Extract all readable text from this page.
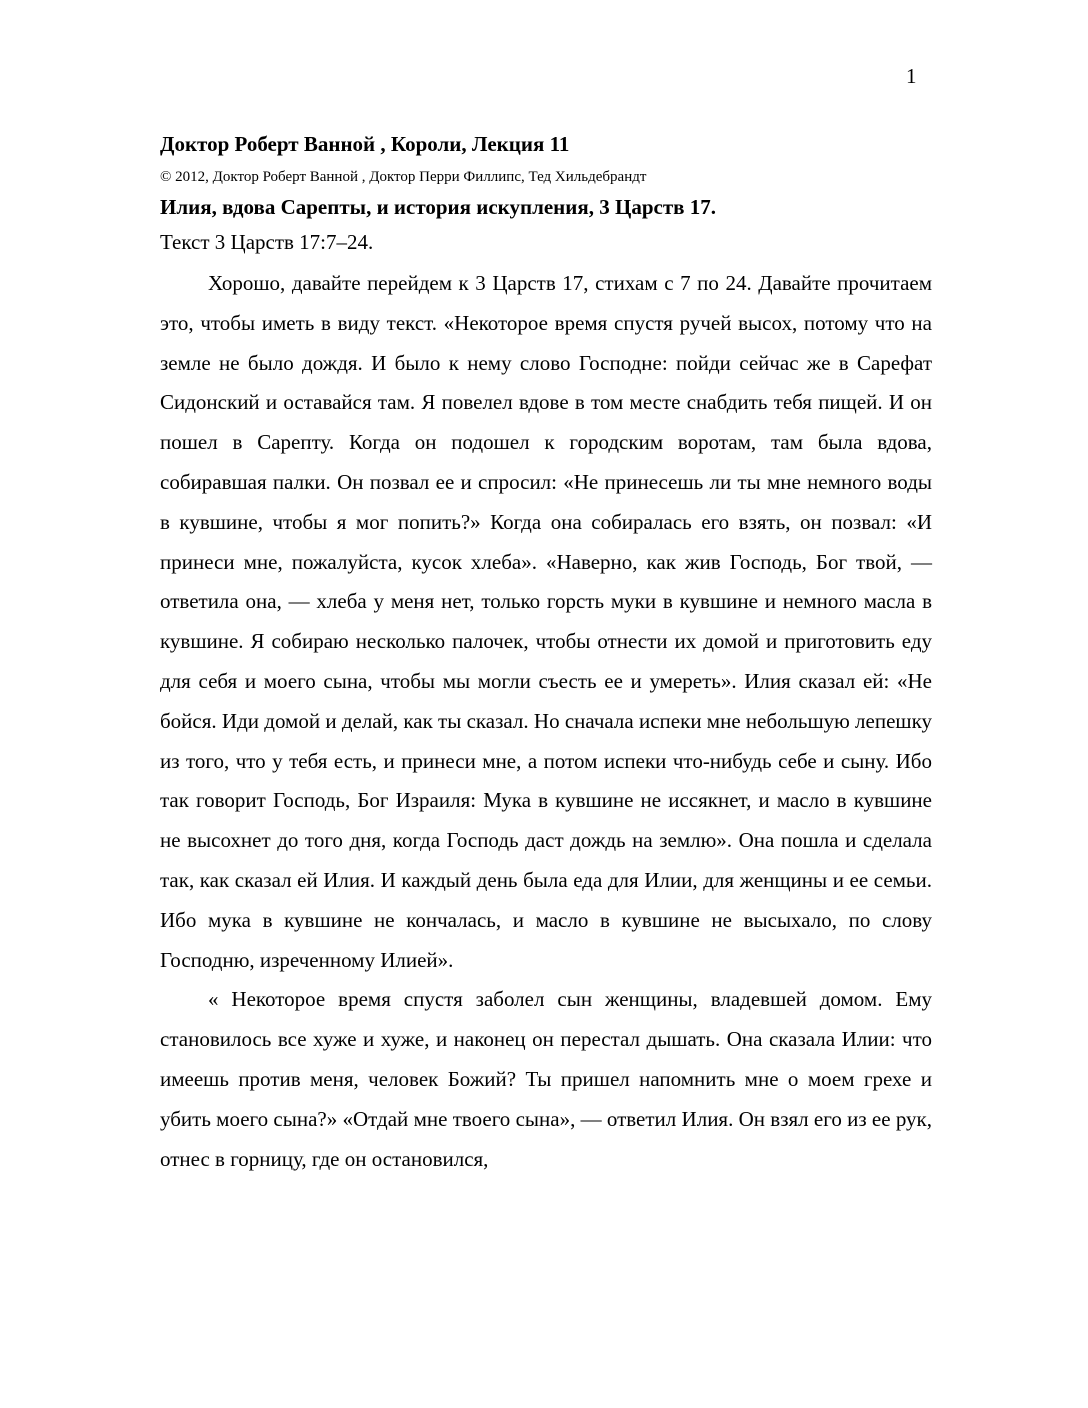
1
Доктор Роберт Ванной , Короли, Лекция 11

© 2012, Доктор Роберт Ванной , Доктор Перри Филлипс, Тед Хильдебрандт

Илия, вдова Сарепты, и история искупления, 3 Царств 17.

Текст 3 Царств 17:7–24.

Хорошо, давайте перейдем к 3 Царств 17, стихам с 7 по 24. Давайте прочитаем это, чтобы иметь в виду текст. «Некоторое время спустя ручей высох, потому что на земле не было дождя. И было к нему слово Господне: пойди сейчас же в Сарефат Сидонский и оставайся там. Я повелел вдове в том месте снабдить тебя пищей. И он пошел в Сарепту. Когда он подошел к городским воротам, там была вдова, собиравшая палки. Он позвал ее и спросил: «Не принесешь ли ты мне немного воды в кувшине, чтобы я мог попить?» Когда она собиралась его взять, он позвал: «И принеси мне, пожалуйста, кусок хлеба». «Наверно, как жив Господь, Бог твой, — ответила она, — хлеба у меня нет, только горсть муки в кувшине и немного масла в кувшине. Я собираю несколько палочек, чтобы отнести их домой и приготовить еду для себя и моего сына, чтобы мы могли съесть ее и умереть». Илия сказал ей: «Не бойся. Иди домой и делай, как ты сказал. Но сначала испеки мне небольшую лепешку из того, что у тебя есть, и принеси мне, а потом испеки что-нибудь себе и сыну. Ибо так говорит Господь, Бог Израиля: Мука в кувшине не иссякнет, и масло в кувшине не высохнет до того дня, когда Господь даст дождь на землю». Она пошла и сделала так, как сказал ей Илия. И каждый день была еда для Илии, для женщины и ее семьи. Ибо мука в кувшине не кончалась, и масло в кувшине не высыхало, по слову Господню, изреченному Илией».

« Некоторое время спустя заболел сын женщины, владевшей домом. Ему становилось все хуже и хуже, и наконец он перестал дышать. Она сказала Илии: что имеешь против меня, человек Божий? Ты пришел напомнить мне о моем грехе и убить моего сына?» «Отдай мне твоего сына», — ответил Илия. Он взял его из ее рук, отнес в горницу, где он остановился,
